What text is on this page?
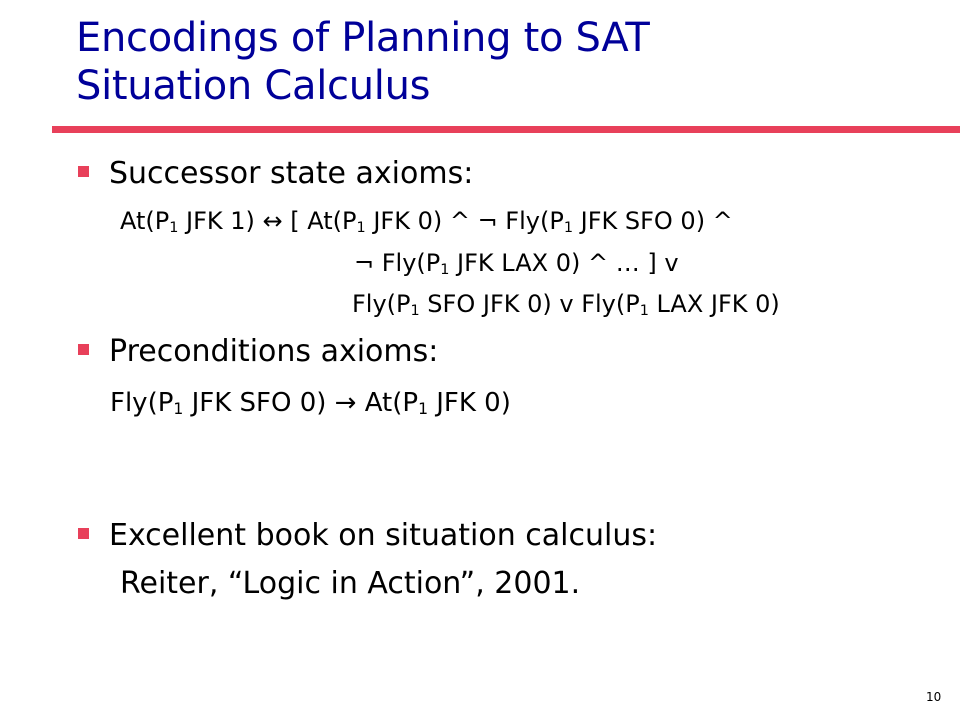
Encodings of Planning to SAT
Situation Calculus
Successor state axioms:
$At(P_1$ JFK 1) ↔ [ $At(P_1$ JFK 0) ^ ¬ $Fly(P_1$ JFK SFO 0) ^
¬ $Fly(P_1$ JFK LAX 0) ^ … ] v
$Fly(P_1$ SFO JFK 0) v $Fly(P_1$ LAX JFK 0)
Preconditions axioms:
$Fly(P_1$ JFK SFO $0) \to At(P_1$ JFK 0)
Excellent book on situation calculus:
Reiter, “Logic in Action”, 2001.
10
